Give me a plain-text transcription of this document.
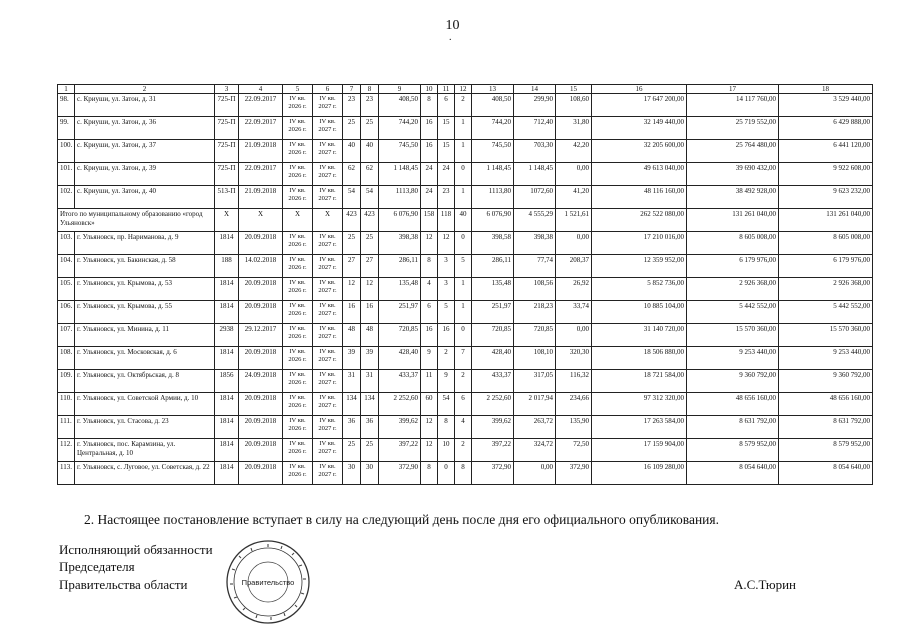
10
.
1	2	3	4	5	6	7	8	9	10	11	12	13	14	15	16	17	18
98.	с. Криуши, ул. Затон, д. 31	725-П	22.09.2017	IV кв. 2026 г.	IV кв. 2027 г.	23	23	408,50	8	6	2	408,50	299,90	108,60	17 647 200,00	14 117 760,00	3 529 440,00
99.	с. Криуши, ул. Затон, д. 36	725-П	22.09.2017	IV кв. 2026 г.	IV кв. 2027 г.	25	25	744,20	16	15	1	744,20	712,40	31,80	32 149 440,00	25 719 552,00	6 429 888,00
100.	с. Криуши, ул. Затон, д. 37	725-П	21.09.2018	IV кв. 2026 г.	IV кв. 2027 г.	40	40	745,50	16	15	1	745,50	703,30	42,20	32 205 600,00	25 764 480,00	6 441 120,00
101.	с. Криуши, ул. Затон, д. 39	725-П	22.09.2017	IV кв. 2026 г.	IV кв. 2027 г.	62	62	1 148,45	24	24	0	1 148,45	1 148,45	0,00	49 613 040,00	39 690 432,00	9 922 608,00
102.	с. Криуши, ул. Затон, д. 40	513-П	21.09.2018	IV кв. 2026 г.	IV кв. 2027 г.	54	54	1113,80	24	23	1	1113,80	1072,60	41,20	48 116 160,00	38 492 928,00	9 623 232,00
Итого по муниципальному образованию «город Ульяновск»		X	X	X	X	423	423	6 076,90	158	118	40	6 076,90	4 555,29	1 521,61	262 522 080,00	131 261 040,00	131 261 040,00
103.	г. Ульяновск, пр. Нариманова, д. 9	1814	20.09.2018	IV кв. 2026 г.	IV кв. 2027 г.	25	25	398,38	12	12	0	398,58	398,38	0,00	17 210 016,00	8 605 008,00	8 605 008,00
104.	г. Ульяновск, ул. Бакинская, д. 58	188	14.02.2018	IV кв. 2026 г.	IV кв. 2027 г.	27	27	286,11	8	3	5	286,11	77,74	208,37	12 359 952,00	6 179 976,00	6 179 976,00
105.	г. Ульяновск, ул. Крымова, д. 53	1814	20.09.2018	IV кв. 2026 г.	IV кв. 2027 г.	12	12	135,48	4	3	1	135,48	108,56	26,92	5 852 736,00	2 926 368,00	2 926 368,00
106.	г. Ульяновск, ул. Крымова, д. 55	1814	20.09.2018	IV кв. 2026 г.	IV кв. 2027 г.	16	16	251,97	6	5	1	251,97	218,23	33,74	10 885 104,00	5 442 552,00	5 442 552,00
107.	г. Ульяновск, ул. Минина, д. 11	2938	29.12.2017	IV кв. 2026 г.	IV кв. 2027 г.	48	48	720,85	16	16	0	720,85	720,85	0,00	31 140 720,00	15 570 360,00	15 570 360,00
108.	г. Ульяновск, ул. Московская, д. 6	1814	20.09.2018	IV кв. 2026 г.	IV кв. 2027 г.	39	39	428,40	9	2	7	428,40	108,10	320,30	18 506 880,00	9 253 440,00	9 253 440,00
109.	г. Ульяновск, ул. Октябрьская, д. 8	1856	24.09.2018	IV кв. 2026 г.	IV кв. 2027 г.	31	31	433,37	11	9	2	433,37	317,05	116,32	18 721 584,00	9 360 792,00	9 360 792,00
110.	г. Ульяновск, ул. Советской Армии, д. 10	1814	20.09.2018	IV кв. 2026 г.	IV кв. 2027 г.	134	134	2 252,60	60	54	6	2 252,60	2 017,94	234,66	97 312 320,00	48 656 160,00	48 656 160,00
111.	г. Ульяновск, ул. Стасова, д. 23	1814	20.09.2018	IV кв. 2026 г.	IV кв. 2027 г.	36	36	399,62	12	8	4	399,62	263,72	135,90	17 263 584,00	8 631 792,00	8 631 792,00
112.	г. Ульяновск, пос. Карамзина, ул. Центральная, д. 10	1814	20.09.2018	IV кв. 2026 г.	IV кв. 2027 г.	25	25	397,22	12	10	2	397,22	324,72	72,50	17 159 904,00	8 579 952,00	8 579 952,00
113.	г. Ульяновск, с. Луговое, ул. Советская, д. 22	1814	20.09.2018	IV кв. 2026 г.	IV кв. 2027 г.	30	30	372,90	8	0	8	372,90	0,00	372,90	16 109 280,00	8 054 640,00	8 054 640,00
2. Настоящее постановление вступает в силу на следующий день после дня его официального опубликования.
Исполняющий обязанности
Председателя
Правительства области	А.С.Тюрин
Правительство
